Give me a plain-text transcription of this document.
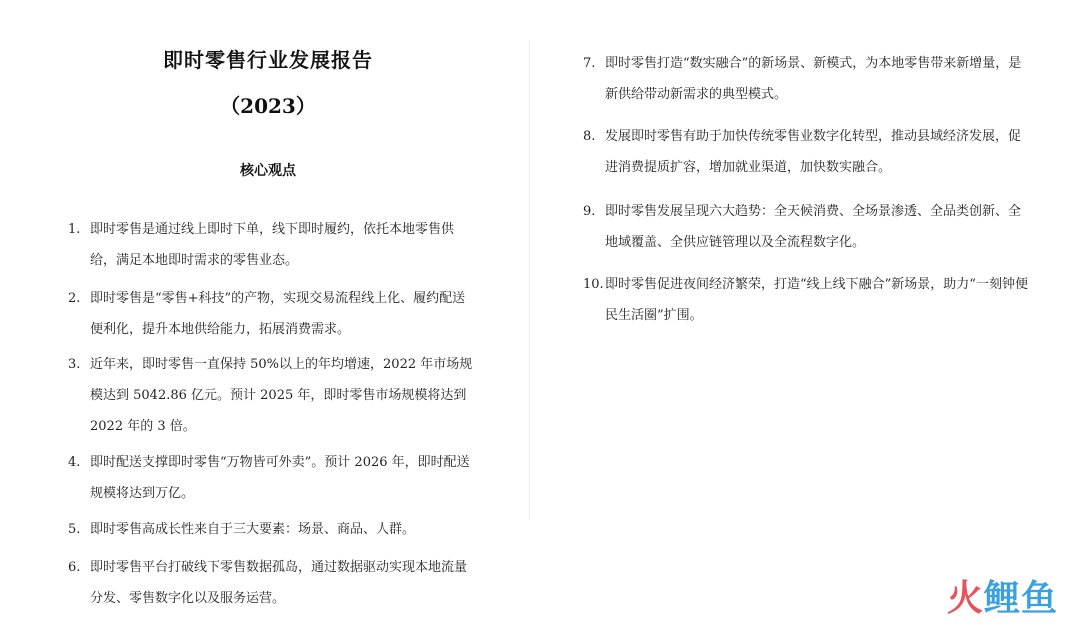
即时零售行业发展报告
（2023）
核心观点
1. 即时零售是通过线上即时下单，线下即时履约，依托本地零售供给，满足本地即时需求的零售业态。
2. 即时零售是“零售+科技”的产物，实现交易流程线上化、履约配送便利化，提升本地供给能力，拓展消费需求。
3. 近年来，即时零售一直保持 50%以上的年均增速，2022 年市场规模达到 5042.86 亿元。预计 2025 年，即时零售市场规模将达到 2022 年的 3 倍。
4. 即时配送支撑即时零售“万物皆可外卖”。预计 2026 年，即时配送规模将达到万亿。
5. 即时零售高成长性来自于三大要素：场景、商品、人群。
6. 即时零售平台打破线下零售数据孤岛，通过数据驱动实现本地流量分发、零售数字化以及服务运营。
7. 即时零售打造“数实融合”的新场景、新模式，为本地零售带来新增量，是新供给带动新需求的典型模式。
8. 发展即时零售有助于加快传统零售业数字化转型，推动县域经济发展，促进消费提质扩容，增加就业渠道，加快数实融合。
9. 即时零售发展呈现六大趋势：全天候消费、全场景渗透、全品类创新、全地域覆盖、全供应链管理以及全流程数字化。
10. 即时零售促进夜间经济繁荣，打造“线上线下融合”新场景，助力“一刻钟便民生活圈”扩围。
火鲤鱼
